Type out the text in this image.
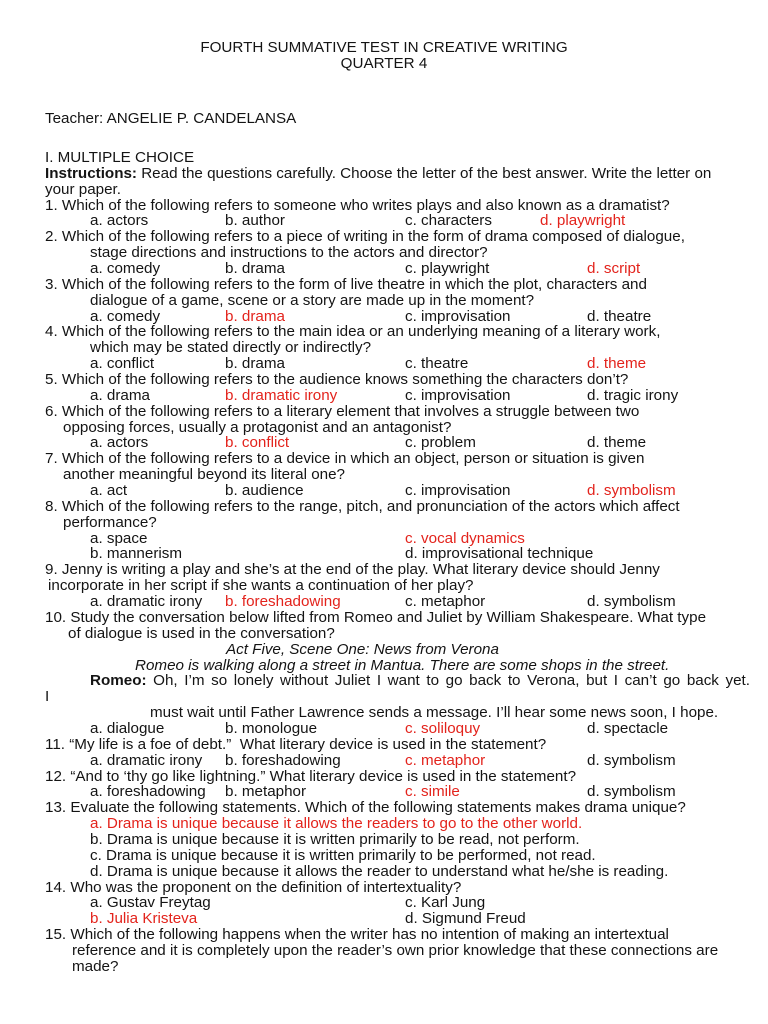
FOURTH SUMMATIVE TEST IN CREATIVE WRITING
QUARTER 4
Teacher: ANGELIE P. CANDELANSA
I. MULTIPLE CHOICE
Instructions: Read the questions carefully. Choose the letter of the best answer. Write the letter on
your paper.
1. Which of the following refers to someone who writes plays and also known as a dramatist?
a. actors	b. author	c. characters	d. playwright
2. Which of the following refers to a piece of writing in the form of drama composed of dialogue,
stage directions and instructions to the actors and director?
a. comedy	b. drama	c. playwright	d. script
3. Which of the following refers to the form of live theatre in which the plot, characters and
dialogue of a game, scene or a story are made up in the moment?
a. comedy	b. drama	c. improvisation	d. theatre
4. Which of the following refers to the main idea or an underlying meaning of a literary work,
which may be stated directly or indirectly?
a. conflict	b. drama	c. theatre	d. theme
5. Which of the following refers to the audience knows something the characters don’t?
a. drama	b. dramatic irony	c. improvisation	d. tragic irony
6. Which of the following refers to a literary element that involves a struggle between two
opposing forces, usually a protagonist and an antagonist?
a. actors	b. conflict	c. problem	d. theme
7. Which of the following refers to a device in which an object, person or situation is given
another meaningful beyond its literal one?
a. act	b. audience	c. improvisation	d. symbolism
8. Which of the following refers to the range, pitch, and pronunciation of the actors which affect
performance?
a. space	c. vocal dynamics
b. mannerism	d. improvisational technique
9. Jenny is writing a play and she’s at the end of the play. What literary device should Jenny
incorporate in her script if she wants a continuation of her play?
a. dramatic irony b. foreshadowing	c. metaphor	d. symbolism
10. Study the conversation below lifted from Romeo and Juliet by William Shakespeare. What type
of dialogue is used in the conversation?
Act Five, Scene One: News from Verona
Romeo is walking along a street in Mantua. There are some shops in the street.
Romeo: Oh, I’m so lonely without Juliet I want to go back to Verona, but I can’t go back yet.
I
must wait until Father Lawrence sends a message. I’ll hear some news soon, I hope.
a. dialogue	b. monologue	c. soliloquy	d. spectacle
11. “My life is a foe of debt.”  What literary device is used in the statement?
a. dramatic irony b. foreshadowing	c. metaphor	d. symbolism
12. “And to ‘thy go like lightning.” What literary device is used in the statement?
a. foreshadowing b. metaphor	c. simile	d. symbolism
13. Evaluate the following statements. Which of the following statements makes drama unique?
a. Drama is unique because it allows the readers to go to the other world.
b. Drama is unique because it is written primarily to be read, not perform.
c. Drama is unique because it is written primarily to be performed, not read.
d. Drama is unique because it allows the reader to understand what he/she is reading.
14. Who was the proponent on the definition of intertextuality?
a. Gustav Freytag	c. Karl Jung
b. Julia Kristeva	d. Sigmund Freud
15. Which of the following happens when the writer has no intention of making an intertextual
reference and it is completely upon the reader’s own prior knowledge that these connections are
made?
